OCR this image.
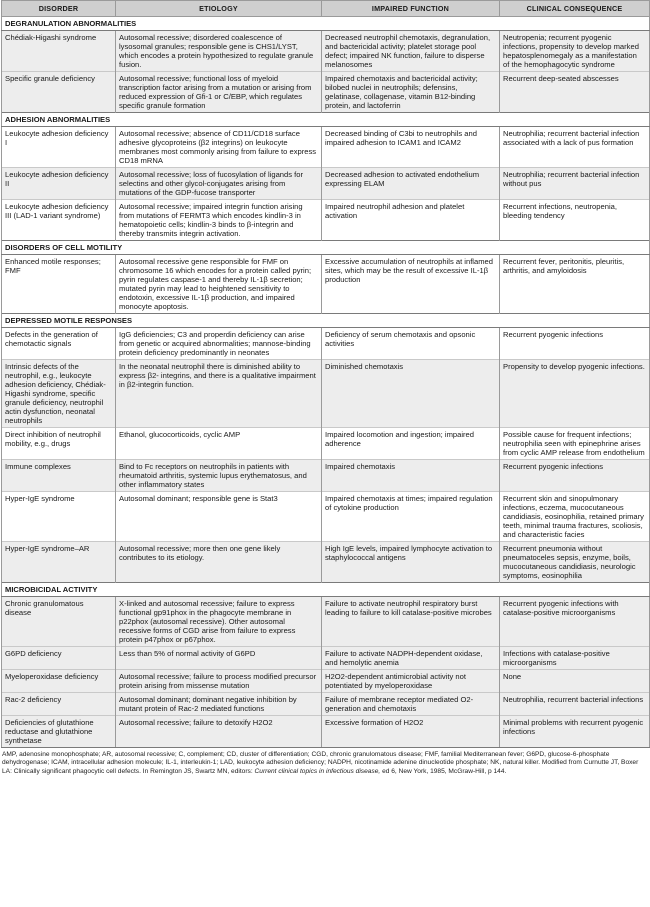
DISORDER	ETIOLOGY	IMPAIRED FUNCTION	CLINICAL CONSEQUENCE
DEGRANULATION ABNORMALITIES			
Chédiak-Higashi syndrome	Autosomal recessive; disordered coalescence of lysosomal granules; responsible gene is CHS1/LYST, which encodes a protein hypothesized to regulate granule fusion.	Decreased neutrophil chemotaxis, degranulation, and bactericidal activity; platelet storage pool defect; impaired NK function, failure to disperse melanosomes	Neutropenia; recurrent pyogenic infections, propensity to develop marked hepatosplenomegaly as a manifestation of the hemophagocytic syndrome
Specific granule deficiency	Autosomal recessive; functional loss of myeloid transcription factor arising from a mutation or arising from reduced expression of Gfi-1 or C/EBP, which regulates specific granule formation	Impaired chemotaxis and bactericidal activity; bilobed nuclei in neutrophils; defensins, gelatinase, collagenase, vitamin B12-binding protein, and lactoferrin	Recurrent deep-seated abscesses
ADHESION ABNORMALITIES			
Leukocyte adhesion deficiency I	Autosomal recessive; absence of CD11/CD18 surface adhesive glycoproteins (β2 integrins) on leukocyte membranes most commonly arising from failure to express CD18 mRNA	Decreased binding of C3bi to neutrophils and impaired adhesion to ICAM1 and ICAM2	Neutrophilia; recurrent bacterial infection associated with a lack of pus formation
Leukocyte adhesion deficiency II	Autosomal recessive; loss of fucosylation of ligands for selectins and other glycol-conjugates arising from mutations of the GDP-fucose transporter	Decreased adhesion to activated endothelium expressing ELAM	Neutrophilia; recurrent bacterial infection without pus
Leukocyte adhesion deficiency III (LAD-1 variant syndrome)	Autosomal recessive; impaired integrin function arising from mutations of FERMT3 which encodes kindlin-3 in hematopoietic cells; kindlin-3 binds to β-integrin and thereby transmits integrin activation.	Impaired neutrophil adhesion and platelet activation	Recurrent infections, neutropenia, bleeding tendency
DISORDERS OF CELL MOTILITY			
Enhanced motile responses; FMF	Autosomal recessive gene responsible for FMF on chromosome 16 which encodes for a protein called pyrin; pyrin regulates caspase-1 and thereby IL-1β secretion; mutated pyrin may lead to heightened sensitivity to endotoxin, excessive IL-1β production, and impaired monocyte apoptosis.	Excessive accumulation of neutrophils at inflamed sites, which may be the result of excessive IL-1β production	Recurrent fever, peritonitis, pleuritis, arthritis, and amyloidosis
DEPRESSED MOTILE RESPONSES			
Defects in the generation of chemotactic signals	IgG deficiencies; C3 and properdin deficiency can arise from genetic or acquired abnormalities; mannose-binding protein deficiency predominantly in neonates	Deficiency of serum chemotaxis and opsonic activities	Recurrent pyogenic infections
Intrinsic defects of the neutrophil, e.g., leukocyte adhesion deficiency, Chédiak-Higashi syndrome, specific granule deficiency, neutrophil actin dysfunction, neonatal neutrophils	In the neonatal neutrophil there is diminished ability to express β2- integrins, and there is a qualitative impairment in β2-integrin function.	Diminished chemotaxis	Propensity to develop pyogenic infections.
Direct inhibition of neutrophil mobility, e.g., drugs	Ethanol, glucocorticoids, cyclic AMP	Impaired locomotion and ingestion; impaired adherence	Possible cause for frequent infections; neutrophilia seen with epinephrine arises from cyclic AMP release from endothelium
Immune complexes	Bind to Fc receptors on neutrophils in patients with rheumatoid arthritis, systemic lupus erythematosus, and other inflammatory states	Impaired chemotaxis	Recurrent pyogenic infections
Hyper-IgE syndrome	Autosomal dominant; responsible gene is Stat3	Impaired chemotaxis at times; impaired regulation of cytokine production	Recurrent skin and sinopulmonary infections, eczema, mucocutaneous candidiasis, eosinophilia, retained primary teeth, minimal trauma fractures, scoliosis, and characteristic facies
Hyper-IgE syndrome–AR	Autosomal recessive; more then one gene likely contributes to its etiology.	High IgE levels, impaired lymphocyte activation to staphylococcal antigens	Recurrent pneumonia without pneumatoceles sepsis, enzyme, boils, mucocutaneous candidiasis, neurologic symptoms, eosinophilia
MICROBICIDAL ACTIVITY			
Chronic granulomatous disease	X-linked and autosomal recessive; failure to express functional gp91phox in the phagocyte membrane in p22phox (autosomal recessive). Other autosomal recessive forms of CGD arise from failure to express protein p47phox or p67phox.	Failure to activate neutrophil respiratory burst leading to failure to kill catalase-positive microbes	Recurrent pyogenic infections with catalase-positive microorganisms
G6PD deficiency	Less than 5% of normal activity of G6PD	Failure to activate NADPH-dependent oxidase, and hemolytic anemia	Infections with catalase-positive microorganisms
Myeloperoxidase deficiency	Autosomal recessive; failure to process modified precursor protein arising from missense mutation	H2O2-dependent antimicrobial activity not potentiated by myeloperoxidase	None
Rac-2 deficiency	Autosomal dominant; dominant negative inhibition by mutant protein of Rac-2 mediated functions	Failure of membrane receptor mediated O2- generation and chemotaxis	Neutrophilia, recurrent bacterial infections
Deficiencies of glutathione reductase and glutathione synthetase	Autosomal recessive; failure to detoxify H2O2	Excessive formation of H2O2	Minimal problems with recurrent pyogenic infections
AMP, adenosine monophosphate; AR, autosomal recessive; C, complement; CD, cluster of differentiation; CGD, chronic granulomatous disease; FMF, familial Mediterranean fever; G6PD, glucose-6-phosphate dehydrogenase; ICAM, intracellular adhesion molecule; IL-1, interleukin-1; LAD, leukocyte adhesion deficiency; NADPH, nicotinamide adenine dinucleotide phosphate; NK, natural killer. Modified from Curnutte JT, Boxer LA: Clinically significant phagocytic cell defects. In Remington JS, Swartz MN, editors: Current clinical topics in infectious disease, ed 6, New York, 1985, McGraw-Hill, p 144.
